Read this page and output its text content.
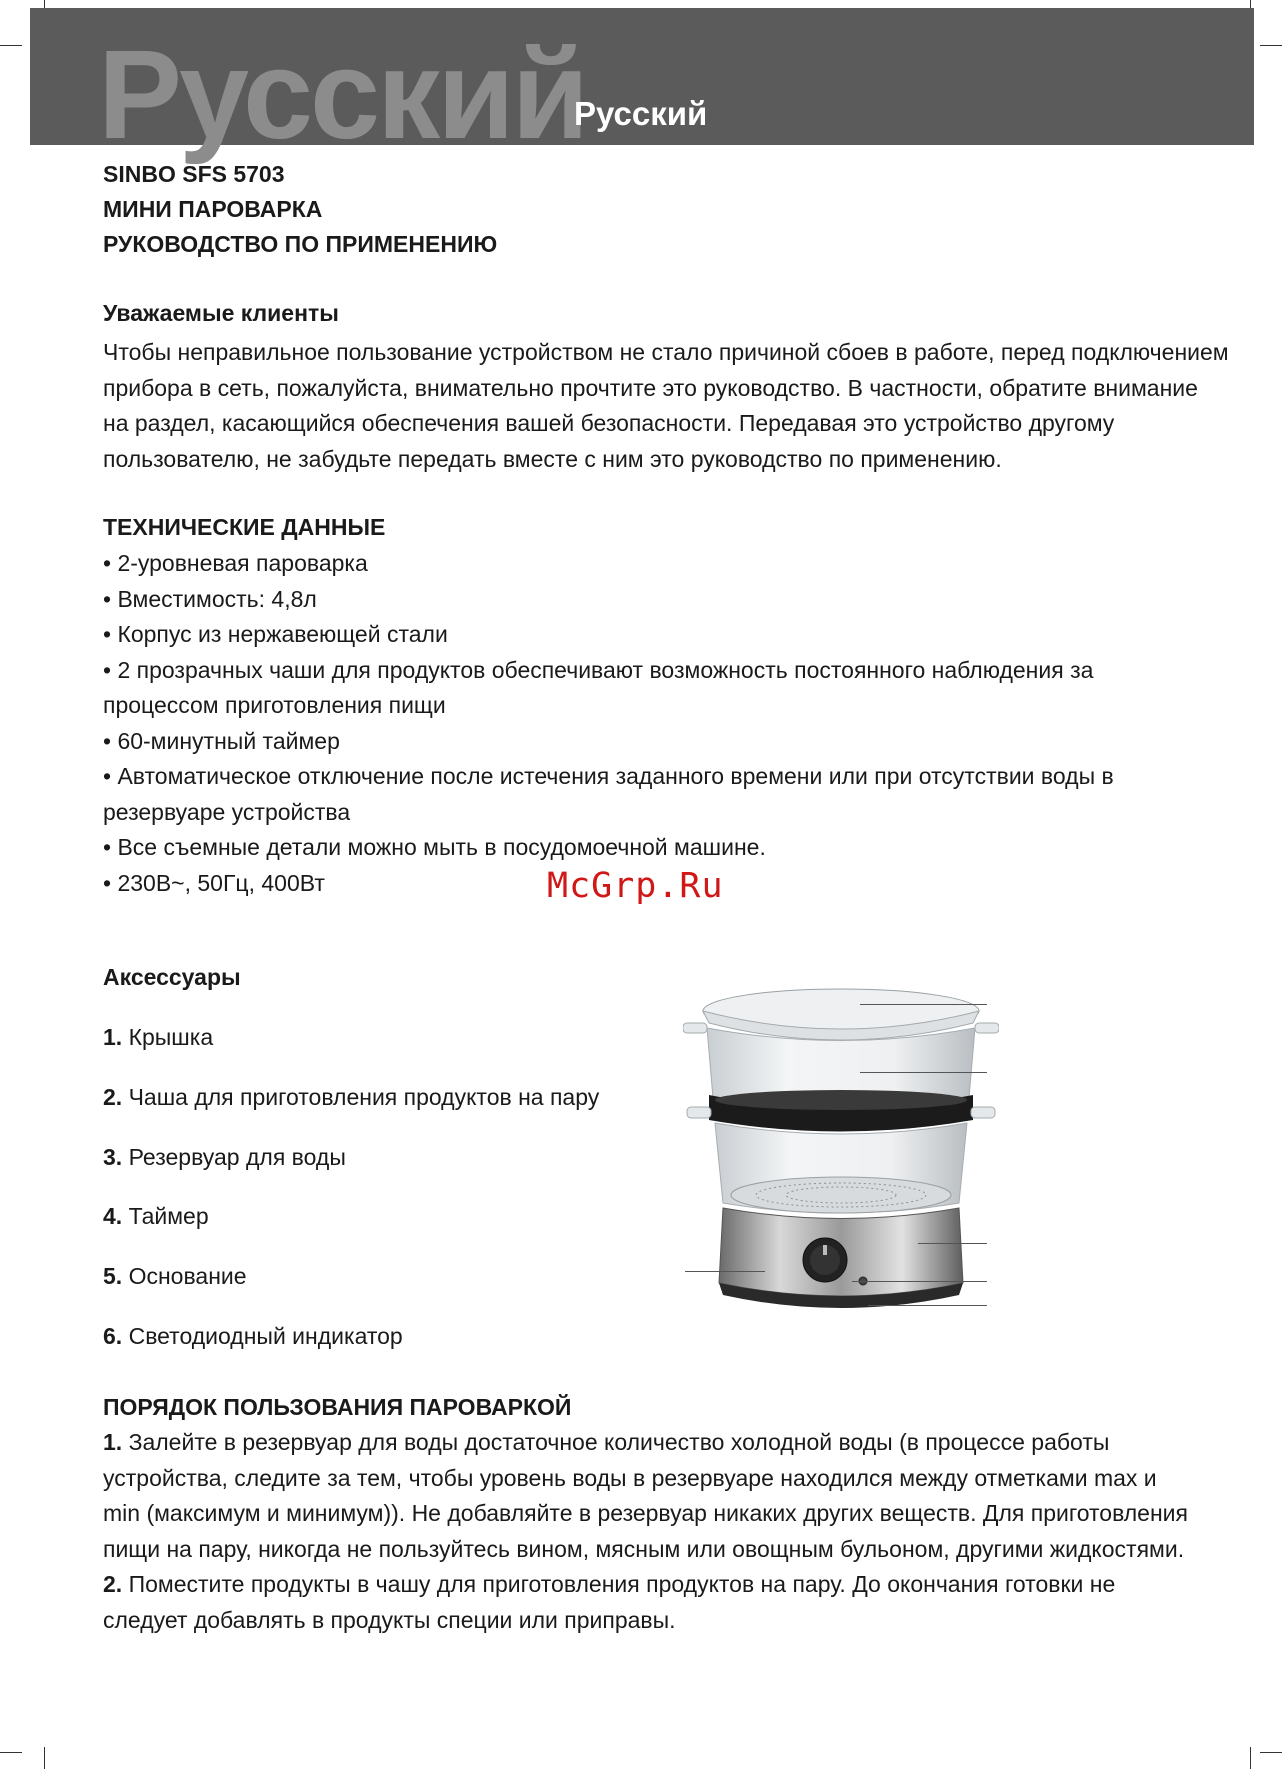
Русский
Русский
SINBO SFS 5703
МИНИ ПАРОВАРКА
РУКОВОДСТВО ПО ПРИМЕНЕНИЮ
Уважаемые клиенты
Чтобы неправильное пользование устройством не стало причиной сбоев в работе, перед подключением
прибора в сеть, пожалуйста, внимательно прочтите это руководство. В частности, обратите внимание
на раздел, касающийся обеспечения вашей безопасности. Передавая это устройство другому
пользователю, не забудьте передать вместе с ним это руководство по применению.
ТЕХНИЧЕСКИЕ ДАННЫЕ
• 2-уровневая пароварка
• Вместимость: 4,8л
• Корпус из нержавеющей стали
• 2 прозрачных чаши для продуктов обеспечивают возможность постоянного наблюдения за
процессом приготовления пищи
• 60-минутный таймер
• Автоматическое отключение после истечения заданного времени или при отсутствии воды в
резервуаре устройства
• Все съемные детали можно мыть в посудомоечной машине.
• 230В~, 50Гц, 400Вт	McGrp.Ru
Аксессуары
1. Крышка
2. Чаша для приготовления продуктов на пару
3. Резервуар для воды
4. Таймер
5. Основание
6. Светодиодный индикатор
ПОРЯДОК ПОЛЬЗОВАНИЯ ПАРОВАРКОЙ
1. Залейте в резервуар для воды достаточное количество холодной воды (в процессе работы
устройства, следите за тем, чтобы уровень воды в резервуаре находился между отметками max и
min (максимум и минимум)). Не добавляйте в резервуар никаких других веществ. Для приготовления
пищи на пару, никогда не пользуйтесь вином, мясным или овощным бульоном, другими жидкостями.
2. Поместите продукты в чашу для приготовления продуктов на пару. До окончания готовки не
следует добавлять в продукты специи или приправы.
